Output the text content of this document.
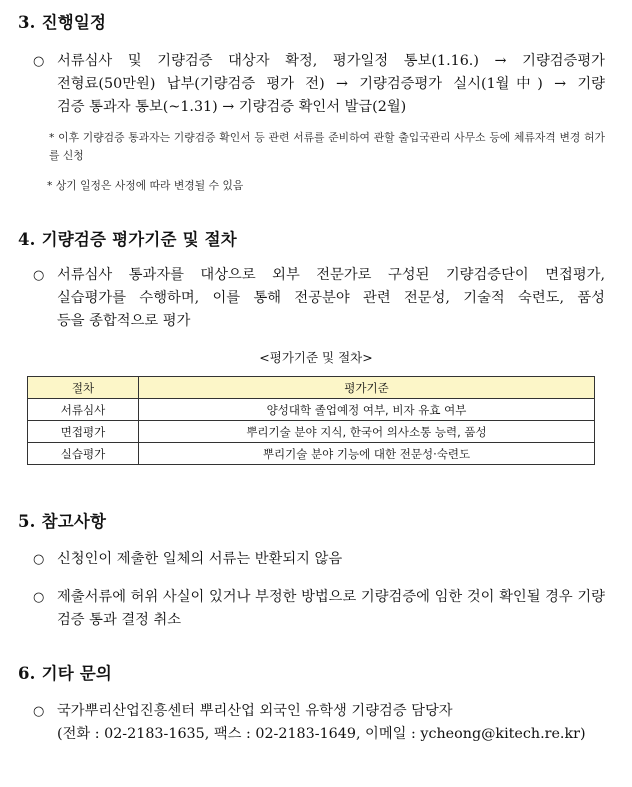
3. 진행일정
○ 서류심사 및 기량검증 대상자 확정, 평가일정 통보(1.16.) → 기량검증평가
전형료(50만원) 납부(기량검증 평가 전) → 기량검증평가 실시(1월中) → 기량
검증 통과자 통보(~1.31) → 기량검증 확인서 발급(2월)
* 이후 기량검증 통과자는 기량검증 확인서 등 관련 서류를 준비하여 관할 출입국관리 사무소 등에 체류자격 변경 허가를 신청
* 상기 일정은 사정에 따라 변경될 수 있음
4. 기량검증 평가기준 및 절차
○ 서류심사 통과자를 대상으로 외부 전문가로 구성된 기량검증단이 면접평가,
실습평가를 수행하며, 이를 통해 전공분야 관련 전문성, 기술적 숙련도, 품성
등을 종합적으로 평가
<평가기준 및 절차>
절차	평가기준
서류심사	양성대학 졸업예정 여부, 비자 유효 여부
면접평가	뿌리기술 분야 지식, 한국어 의사소통 능력, 품성
실습평가	뿌리기술 분야 기능에 대한 전문성·숙련도
5. 참고사항
○ 신청인이 제출한 일체의 서류는 반환되지 않음
○ 제출서류에 허위 사실이 있거나 부정한 방법으로 기량검증에 임한 것이 확인될 경우 기량검증 통과 결정 취소
6. 기타 문의
○ 국가뿌리산업진흥센터 뿌리산업 외국인 유학생 기량검증 담당자
(전화 : 02-2183-1635, 팩스 : 02-2183-1649, 이메일 : ycheong@kitech.re.kr)
